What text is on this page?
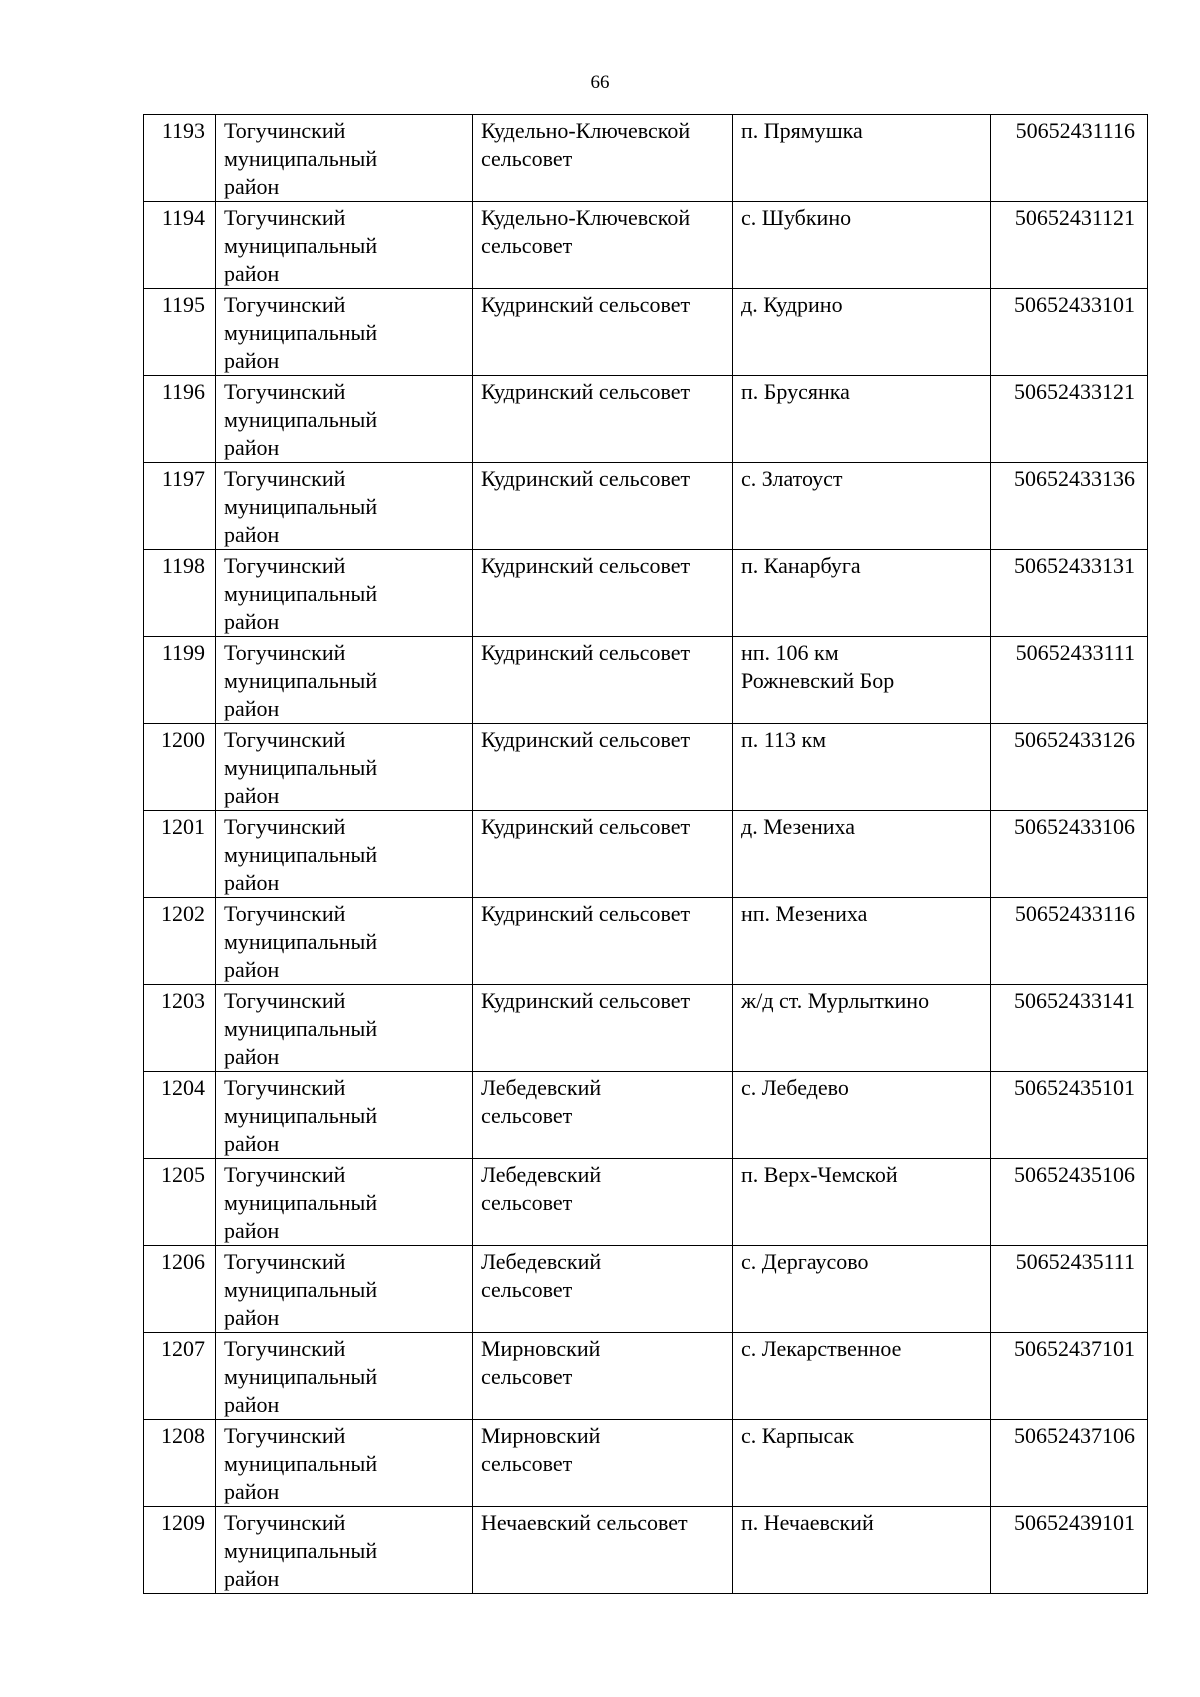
66
1193	Тогучинский
муниципальный
район	Кудельно-Ключевской
сельсовет	п. Прямушка	50652431116
1194	Тогучинский
муниципальный
район	Кудельно-Ключевской
сельсовет	с. Шубкино	50652431121
1195	Тогучинский
муниципальный
район	Кудринский сельсовет	д. Кудрино	50652433101
1196	Тогучинский
муниципальный
район	Кудринский сельсовет	п. Брусянка	50652433121
1197	Тогучинский
муниципальный
район	Кудринский сельсовет	с. Златоуст	50652433136
1198	Тогучинский
муниципальный
район	Кудринский сельсовет	п. Канарбуга	50652433131
1199	Тогучинский
муниципальный
район	Кудринский сельсовет	нп. 106 км
Рожневский Бор	50652433111
1200	Тогучинский
муниципальный
район	Кудринский сельсовет	п. 113 км	50652433126
1201	Тогучинский
муниципальный
район	Кудринский сельсовет	д. Мезениха	50652433106
1202	Тогучинский
муниципальный
район	Кудринский сельсовет	нп. Мезениха	50652433116
1203	Тогучинский
муниципальный
район	Кудринский сельсовет	ж/д ст. Мурлыткино	50652433141
1204	Тогучинский
муниципальный
район	Лебедевский
сельсовет	с. Лебедево	50652435101
1205	Тогучинский
муниципальный
район	Лебедевский
сельсовет	п. Верх-Чемской	50652435106
1206	Тогучинский
муниципальный
район	Лебедевский
сельсовет	с. Дергаусово	50652435111
1207	Тогучинский
муниципальный
район	Мирновский
сельсовет	с. Лекарственное	50652437101
1208	Тогучинский
муниципальный
район	Мирновский
сельсовет	с. Карпысак	50652437106
1209	Тогучинский
муниципальный
район	Нечаевский сельсовет	п. Нечаевский	50652439101
